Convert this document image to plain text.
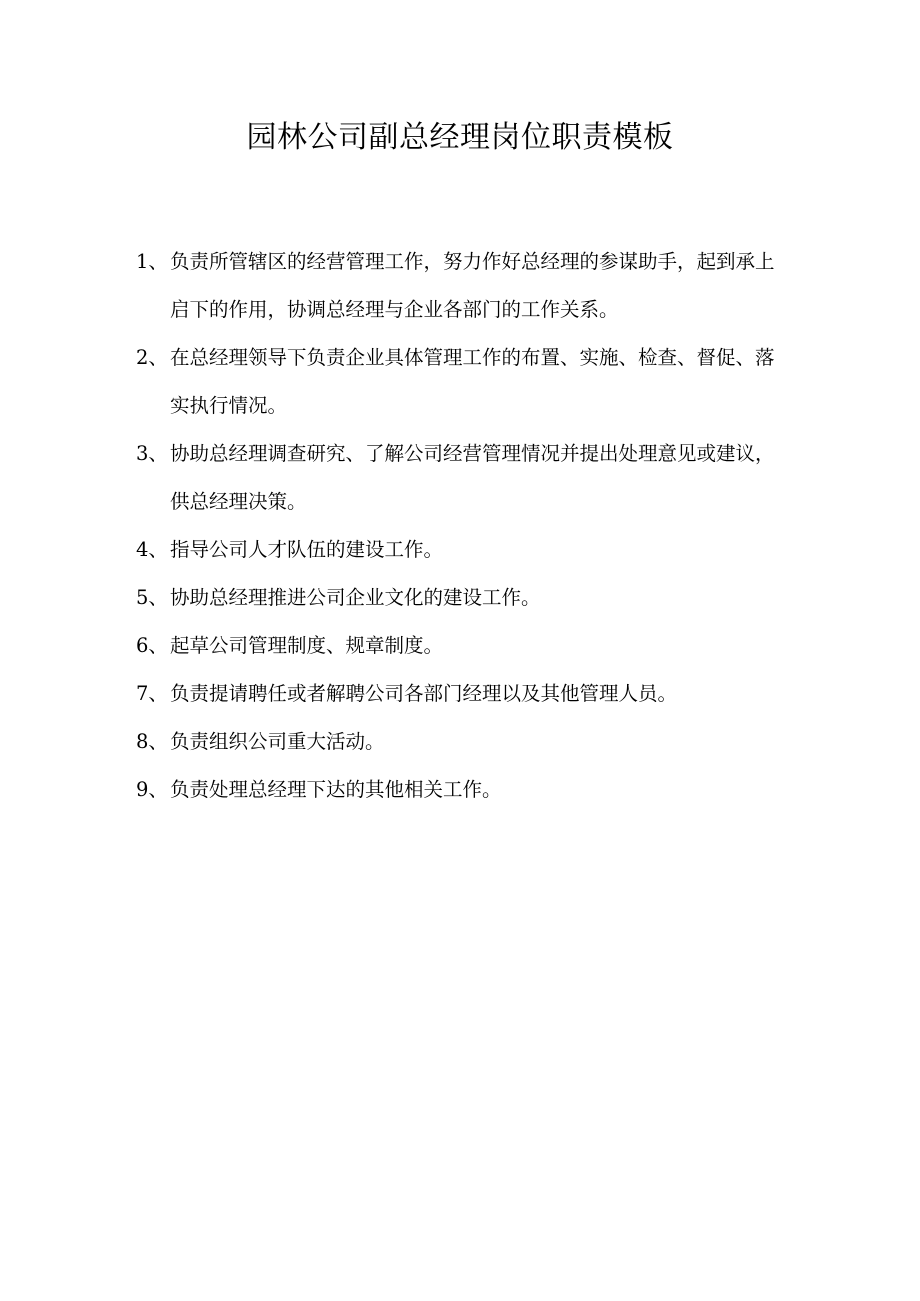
园林公司副总经理岗位职责模板
1、 负责所管辖区的经营管理工作，努力作好总经理的参谋助手，起到承上启下的作用，协调总经理与企业各部门的工作关系。
2、 在总经理领导下负责企业具体管理工作的布置、实施、检查、督促、落实执行情况。
3、 协助总经理调查研究、了解公司经营管理情况并提出处理意见或建议，供总经理决策。
4、 指导公司人才队伍的建设工作。
5、 协助总经理推进公司企业文化的建设工作。
6、 起草公司管理制度、规章制度。
7、 负责提请聘任或者解聘公司各部门经理以及其他管理人员。
8、 负责组织公司重大活动。
9、 负责处理总经理下达的其他相关工作。
